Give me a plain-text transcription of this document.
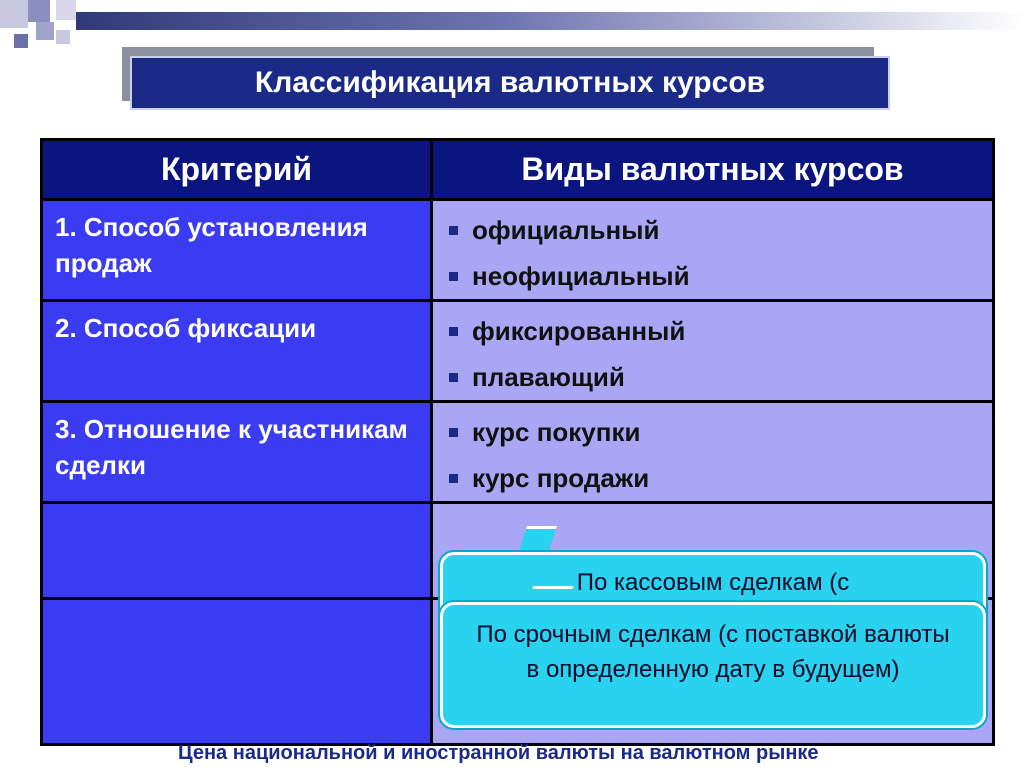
Классификация валютных курсов
Критерий	Виды валютных курсов
1. Способ установления продаж	официальный
неофициальный

2. Способ фиксации	фиксированный
плавающий

3. Отношение к участникам сделки	курс покупки
курс продажи

По кассовым сделкам (с
По срочным сделкам (с поставкой валюты в определенную дату в будущем)
Цена национальной и иностранной валюты на валютном рынке
